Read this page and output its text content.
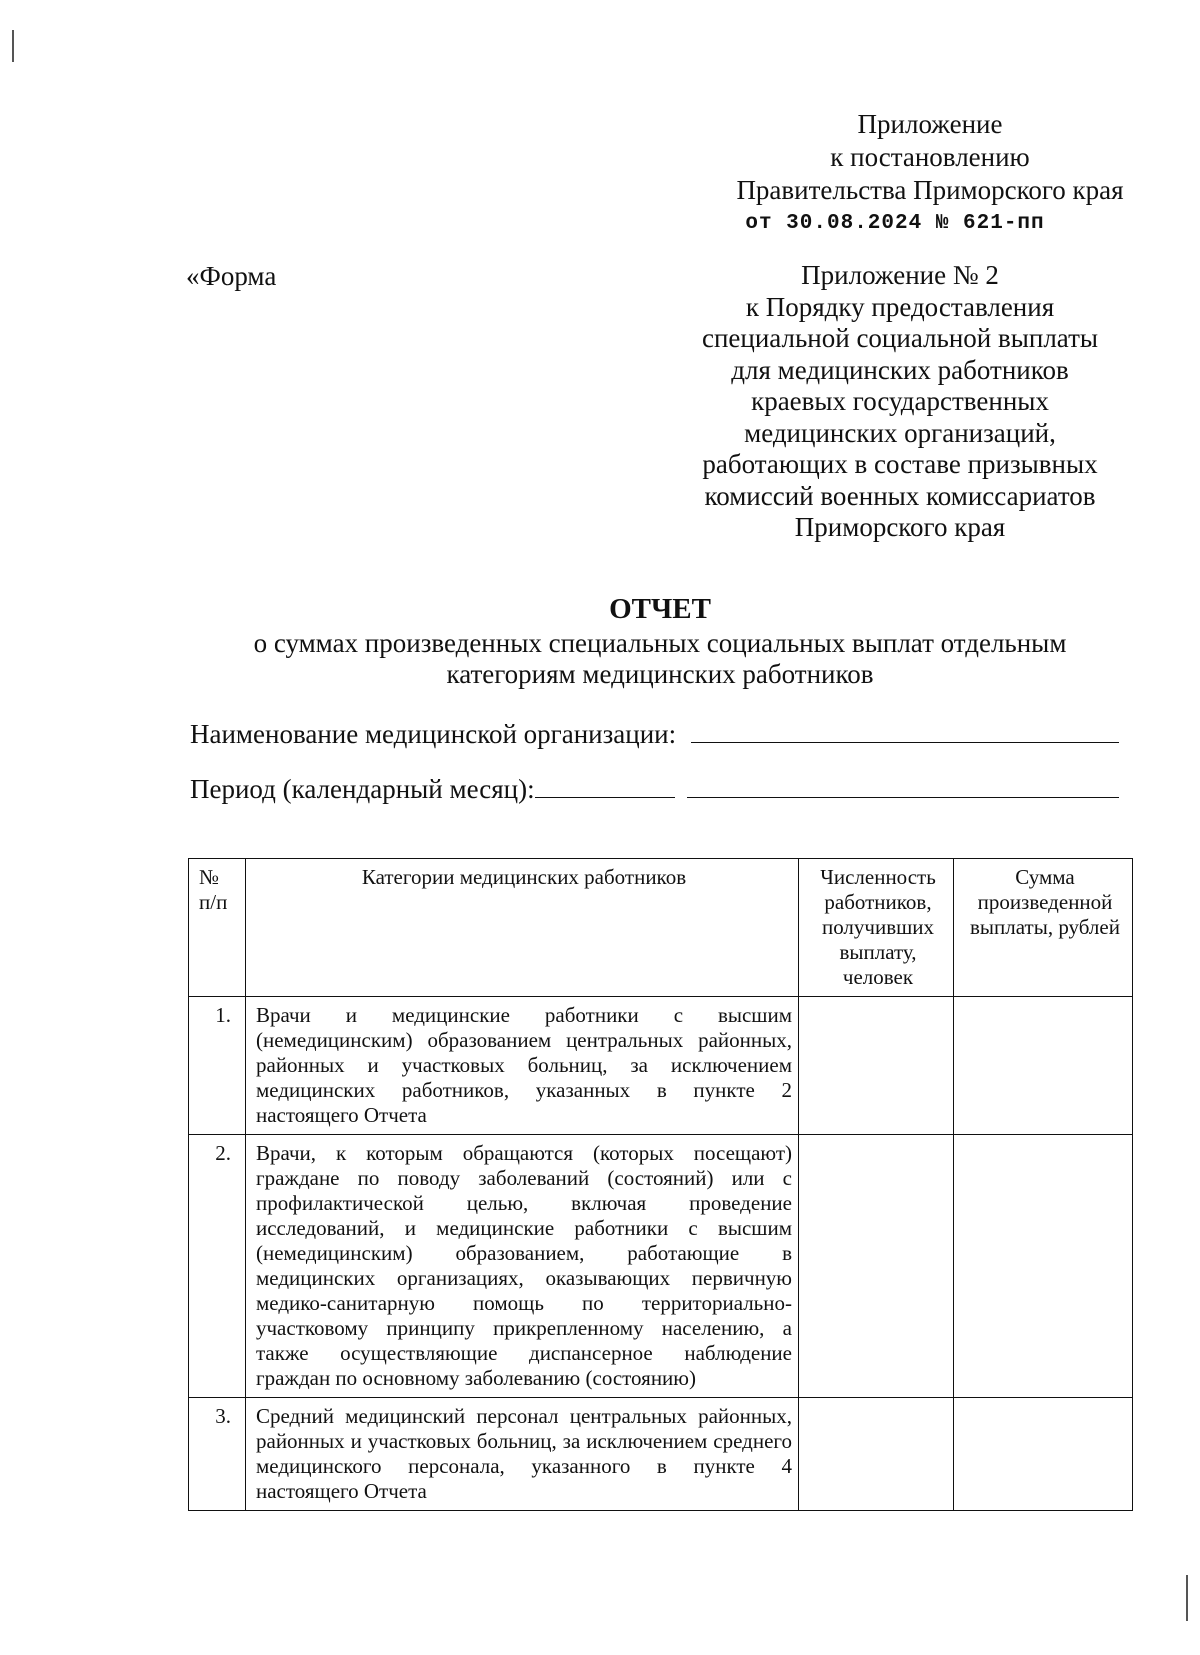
Приложение
к постановлению
Правительства Приморского края
от 30.08.2024 № 621-пп
«Форма	Приложение № 2
к Порядку предоставления
специальной социальной выплаты
для медицинских работников
краевых государственных
медицинских организаций,
работающих в составе призывных
комиссий военных комиссариатов
Приморского края
ОТЧЕТ
о суммах произведенных специальных социальных выплат отдельным категориям медицинских работников
Наименование медицинской организации:
Период (календарный месяц):
№ п/п	Категории медицинских работников	Численность работников, получивших выплату, человек	Сумма произведенной выплаты, рублей
1.	Врачи и медицинские работники с высшим (немедицинским) образованием центральных районных, районных и участковых больниц, за исключением медицинских работников, указанных в пункте 2 настоящего Отчета		
2.	Врачи, к которым обращаются (которых посещают) граждане по поводу заболеваний (состояний) или с профилактической целью, включая проведение исследований, и медицинские работники с высшим (немедицинским) образованием, работающие в медицинских организациях, оказывающих первичную медико-санитарную помощь по территориально-участковому принципу прикрепленному населению, а также осуществляющие диспансерное наблюдение граждан по основному заболеванию (состоянию)		
3.	Средний медицинский персонал центральных районных, районных и участковых больниц, за исключением среднего медицинского персонала, указанного в пункте 4 настоящего Отчета		
